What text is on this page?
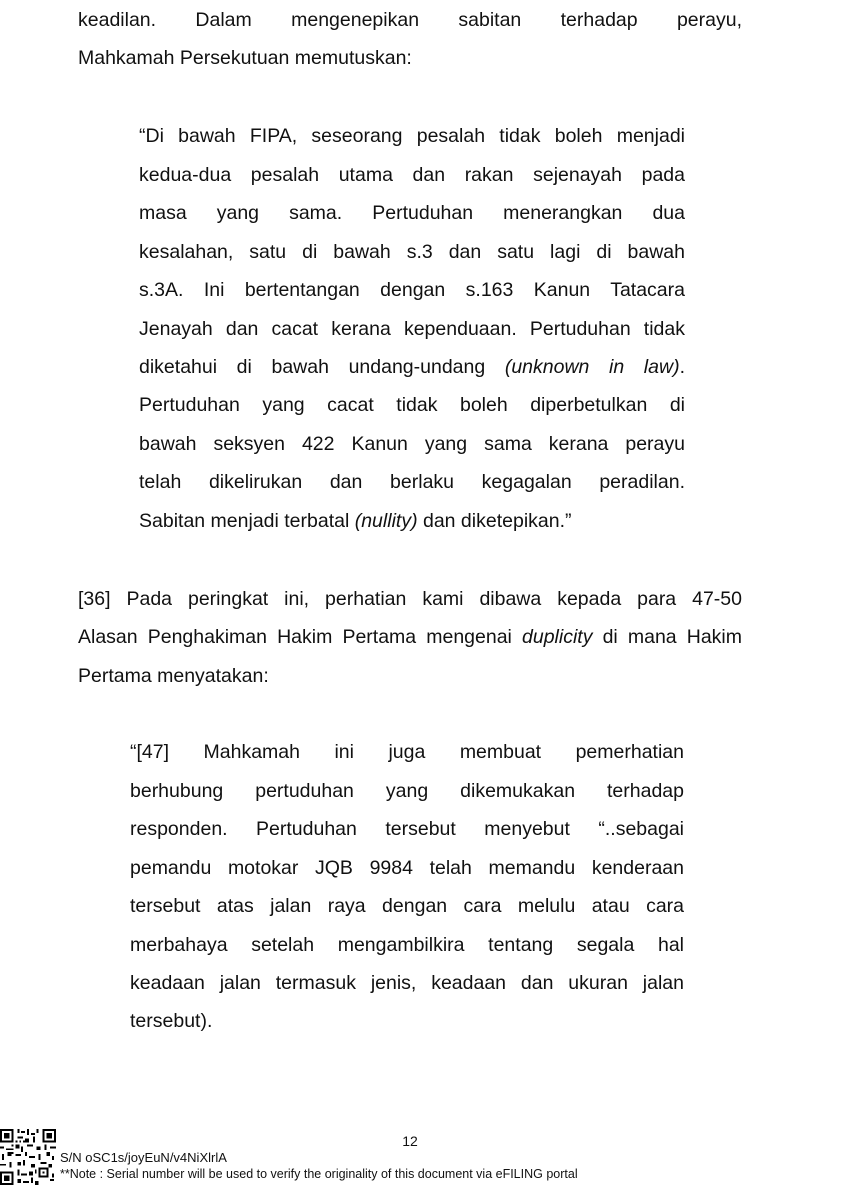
keadilan. Dalam mengenepikan sabitan terhadap perayu,
Mahkamah Persekutuan memutuskan:
“Di bawah FIPA, seseorang pesalah tidak boleh menjadi
kedua-dua pesalah utama dan rakan sejenayah pada
masa yang sama. Pertuduhan menerangkan dua
kesalahan, satu di bawah s.3 dan satu lagi di bawah
s.3A. Ini bertentangan dengan s.163 Kanun Tatacara
Jenayah dan cacat kerana kependuaan. Pertuduhan tidak
diketahui di bawah undang-undang (unknown in law).
Pertuduhan yang cacat tidak boleh diperbetulkan di
bawah seksyen 422 Kanun yang sama kerana perayu
telah dikelirukan dan berlaku kegagalan peradilan.
Sabitan menjadi terbatal (nullity) dan diketepikan.”
[36] Pada peringkat ini, perhatian kami dibawa kepada para 47-50
Alasan Penghakiman Hakim Pertama mengenai duplicity di mana Hakim
Pertama menyatakan:
“[47] Mahkamah ini juga membuat pemerhatian
berhubung pertuduhan yang dikemukakan terhadap
responden. Pertuduhan tersebut menyebut “..sebagai
pemandu motokar JQB 9984 telah memandu kenderaan
tersebut atas jalan raya dengan cara melulu atau cara
merbahaya setelah mengambilkira tentang segala hal
keadaan jalan termasuk jenis, keadaan dan ukuran jalan
tersebut).
12
S/N oSC1s/joyEuN/v4NiXlrlA
**Note : Serial number will be used to verify the originality of this document via eFILING portal
